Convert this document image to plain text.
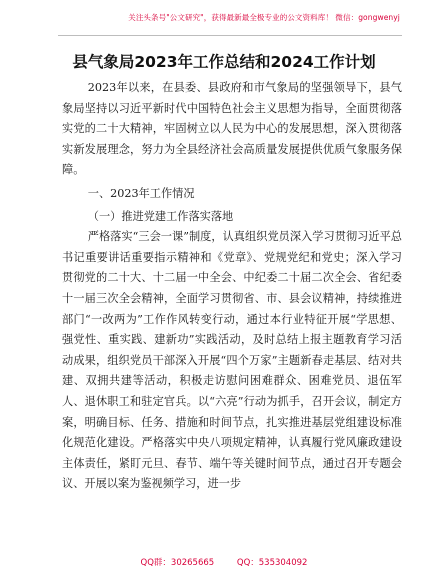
关注头条号"公文研究"，获得最新最全极专业的公文资料库！ 微信：gongwenyj
县气象局2023年工作总结和2024工作计划

2023年以来，在县委、县政府和市气象局的坚强领导下，县气象局坚持以习近平新时代中国特色社会主义思想为指导，全面贯彻落实党的二十大精神，牢固树立以人民为中心的发展思想，深入贯彻落实新发展理念，努力为全县经济社会高质量发展提供优质气象服务保障。

一、2023年工作情况

（一）推进党建工作落实落地

严格落实“三会一课”制度，认真组织党员深入学习贯彻习近平总书记重要讲话重要指示精神和《党章》、党规党纪和党史；深入学习贯彻党的二十大、十二届一中全会、中纪委二十届二次全会、省纪委十一届三次全会精神，全面学习贯彻省、市、县会议精神，持续推进部门“一改两为”工作作风转变行动，通过本行业特征开展“学思想、强党性、重实践、建新功”实践活动，及时总结上报主题教育学习活动成果，组织党员干部深入开展“四个万家”主题新春走基层、结对共建、双拥共建等活动，积极走访慰问困难群众、困难党员、退伍军人、退休职工和驻定官兵。以“六亮”行动为抓手，召开会议，制定方案，明确目标、任务、措施和时间节点，扎实推进基层党组建设标准化规范化建设。严格落实中央八项规定精神，认真履行党风廉政建设主体责任，紧盯元旦、春节、端午等关键时间节点，通过召开专题会议、开展以案为鉴视频学习，进一步

QQ群：30265665	QQ：535304092
